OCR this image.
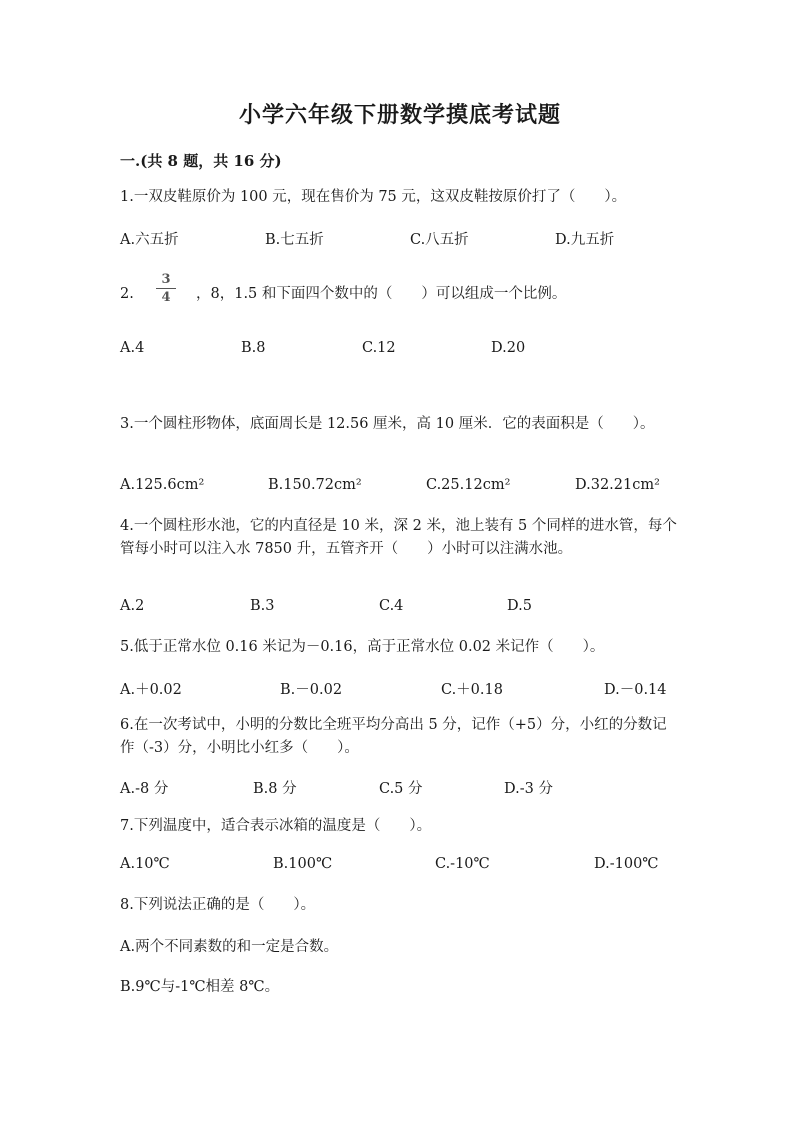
小学六年级下册数学摸底考试题
一.(共 8 题，共 16 分)
1.一双皮鞋原价为 100 元，现在售价为 75 元，这双皮鞋按原价打了（　　）。
A.六五折	B.七五折	C.八五折	D.九五折
2.
3
4	，8，1.5 和下面四个数中的（　　）可以组成一个比例。
A.4	B.8	C.12	D.20
3.一个圆柱形物体，底面周长是 12.56 厘米，高 10 厘米．它的表面积是（　　）。
A.125.6cm²	B.150.72cm²	C.25.12cm²	D.32.21cm²
4.一个圆柱形水池，它的内直径是 10 米，深 2 米，池上装有 5 个同样的进水管，每个管每小时可以注入水 7850 升，五管齐开（　　）小时可以注满水池。
A.2	B.3	C.4	D.5
5.低于正常水位 0.16 米记为－0.16，高于正常水位 0.02 米记作（　　）。
A.＋0.02	B.－0.02	C.＋0.18	D.－0.14
6.在一次考试中，小明的分数比全班平均分高出 5 分，记作（+5）分，小红的分数记作（-3）分，小明比小红多（　　）。
A.-8 分	B.8 分	C.5 分	D.-3 分
7.下列温度中，适合表示冰箱的温度是（　　）。
A.10℃	B.100℃	C.-10℃	D.-100℃
8.下列说法正确的是（　　）。
A.两个不同素数的和一定是合数。
B.9℃与-1℃相差 8℃。
